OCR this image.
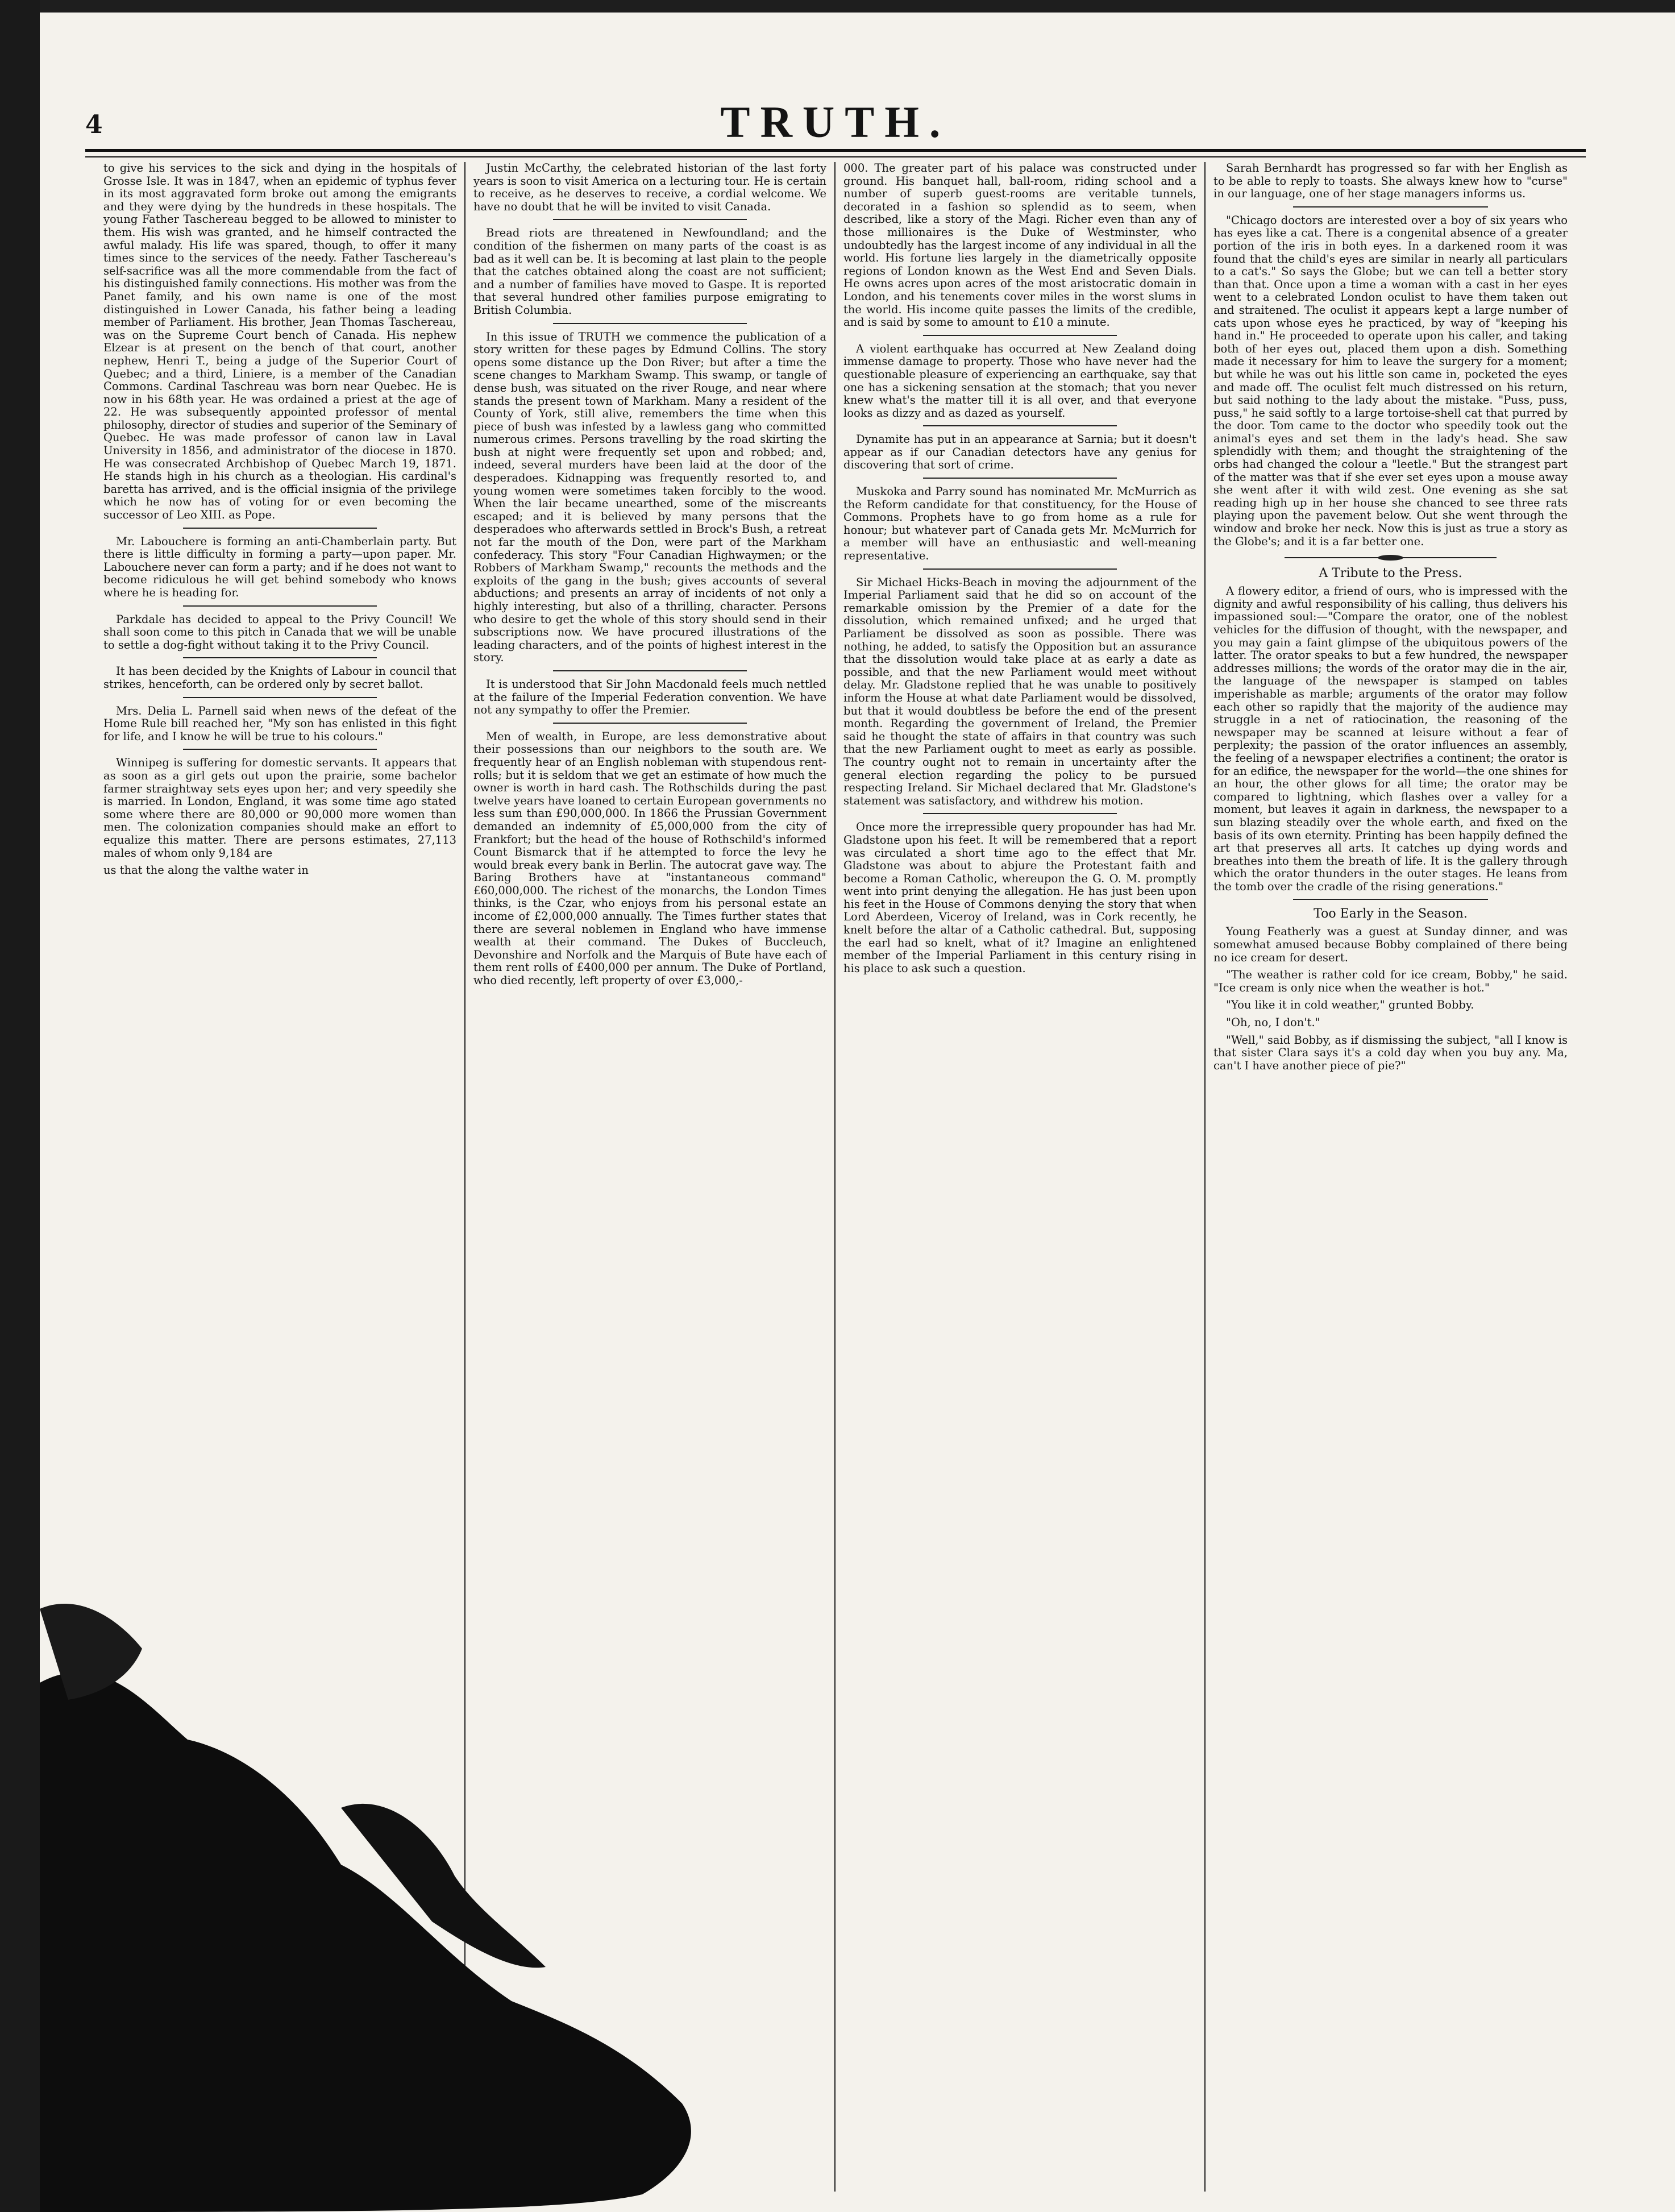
4	TRUTH.

to give his services to the sick and dying in the hospitals of Grosse Isle. It was in 1847, when an epidemic of typhus fever in its most aggravated form broke out among the emigrants and they were dying by the hundreds in these hospitals. The young Father Taschereau begged to be allowed to minister to them. His wish was granted, and he himself contracted the awful malady. His life was spared, though, to offer it many times since to the services of the needy. Father Taschereau's self-sacrifice was all the more commendable from the fact of his distinguished family connections. His mother was from the Panet family, and his own name is one of the most distinguished in Lower Canada, his father being a leading member of Parliament. His brother, Jean Thomas Taschereau, was on the Supreme Court bench of Canada. His nephew Elzear is at present on the bench of that court, another nephew, Henri T., being a judge of the Superior Court of Quebec; and a third, Liniere, is a member of the Canadian Commons. Cardinal Taschreau was born near Quebec. He is now in his 68th year. He was ordained a priest at the age of 22. He was subsequently appointed professor of mental philosophy, director of studies and superior of the Seminary of Quebec. He was made professor of canon law in Laval University in 1856, and administrator of the diocese in 1870. He was consecrated Archbishop of Quebec March 19, 1871. He stands high in his church as a theologian. His cardinal's baretta has arrived, and is the official insignia of the privilege which he now has of voting for or even becoming the successor of Leo XIII. as Pope.

Mr. Labouchere is forming an anti-Chamberlain party. But there is little difficulty in forming a party—upon paper. Mr. Labouchere never can form a party; and if he does not want to become ridiculous he will get behind somebody who knows where he is heading for.

Parkdale has decided to appeal to the Privy Council! We shall soon come to this pitch in Canada that we will be unable to settle a dog-fight without taking it to the Privy Council.

It has been decided by the Knights of Labour in council that strikes, henceforth, can be ordered only by secret ballot.

Mrs. Delia L. Parnell said when news of the defeat of the Home Rule bill reached her, "My son has enlisted in this fight for life, and I know he will be true to his colours."

Winnipeg is suffering for domestic servants. It appears that as soon as a girl gets out upon the prairie, some bachelor farmer straightway sets eyes upon her; and very speedily she is married. In London, England, it was some time ago stated some where there are 80,000 or 90,000 more women than men. The colonization companies should make an effort to equalize this matter. There are persons estimates, 27,113 males of whom only 9,184 are

us that the along the valthe water in

Justin McCarthy, the celebrated historian of the last forty years is soon to visit America on a lecturing tour. He is certain to receive, as he deserves to receive, a cordial welcome. We have no doubt that he will be invited to visit Canada.

Bread riots are threatened in Newfoundland; and the condition of the fishermen on many parts of the coast is as bad as it well can be. It is becoming at last plain to the people that the catches obtained along the coast are not sufficient; and a number of families have moved to Gaspe. It is reported that several hundred other families purpose emigrating to British Columbia.

In this issue of TRUTH we commence the publication of a story written for these pages by Edmund Collins. The story opens some distance up the Don River; but after a time the scene changes to Markham Swamp. This swamp, or tangle of dense bush, was situated on the river Rouge, and near where stands the present town of Markham. Many a resident of the County of York, still alive, remembers the time when this piece of bush was infested by a lawless gang who committed numerous crimes. Persons travelling by the road skirting the bush at night were frequently set upon and robbed; and, indeed, several murders have been laid at the door of the desperadoes. Kidnapping was frequently resorted to, and young women were sometimes taken forcibly to the wood. When the lair became unearthed, some of the miscreants escaped; and it is believed by many persons that the desperadoes who afterwards settled in Brock's Bush, a retreat not far the mouth of the Don, were part of the Markham confederacy. This story "Four Canadian Highwaymen; or the Robbers of Markham Swamp," recounts the methods and the exploits of the gang in the bush; gives accounts of several abductions; and presents an array of incidents of not only a highly interesting, but also of a thrilling, character. Persons who desire to get the whole of this story should send in their subscriptions now. We have procured illustrations of the leading characters, and of the points of highest interest in the story.

It is understood that Sir John Macdonald feels much nettled at the failure of the Imperial Federation convention. We have not any sympathy to offer the Premier.

Men of wealth, in Europe, are less demonstrative about their possessions than our neighbors to the south are. We frequently hear of an English nobleman with stupendous rent-rolls; but it is seldom that we get an estimate of how much the owner is worth in hard cash. The Rothschilds during the past twelve years have loaned to certain European governments no less sum than £90,000,000. In 1866 the Prussian Government demanded an indemnity of £5,000,000 from the city of Frankfort; but the head of the house of Rothschild's informed Count Bismarck that if he attempted to force the levy he would break every bank in Berlin. The autocrat gave way. The Baring Brothers have at "instantaneous command" £60,000,000. The richest of the monarchs, the London Times thinks, is the Czar, who enjoys from his personal estate an income of £2,000,000 annually. The Times further states that there are several noblemen in England who have immense wealth at their command. The Dukes of Buccleuch, Devonshire and Norfolk and the Marquis of Bute have each of them rent rolls of £400,000 per annum. The Duke of Portland, who died recently, left property of over £3,000,-

000. The greater part of his palace was constructed under ground. His banquet hall, ball-room, riding school and a number of superb guest-rooms are veritable tunnels, decorated in a fashion so splendid as to seem, when described, like a story of the Magi. Richer even than any of those millionaires is the Duke of Westminster, who undoubtedly has the largest income of any individual in all the world. His fortune lies largely in the diametrically opposite regions of London known as the West End and Seven Dials. He owns acres upon acres of the most aristocratic domain in London, and his tenements cover miles in the worst slums in the world. His income quite passes the limits of the credible, and is said by some to amount to £10 a minute.

A violent earthquake has occurred at New Zealand doing immense damage to property. Those who have never had the questionable pleasure of experiencing an earthquake, say that one has a sickening sensation at the stomach; that you never knew what's the matter till it is all over, and that everyone looks as dizzy and as dazed as yourself.

Dynamite has put in an appearance at Sarnia; but it doesn't appear as if our Canadian detectors have any genius for discovering that sort of crime.

Muskoka and Parry sound has nominated Mr. McMurrich as the Reform candidate for that constituency, for the House of Commons. Prophets have to go from home as a rule for honour; but whatever part of Canada gets Mr. McMurrich for a member will have an enthusiastic and well-meaning representative.

Sir Michael Hicks-Beach in moving the adjournment of the Imperial Parliament said that he did so on account of the remarkable omission by the Premier of a date for the dissolution, which remained unfixed; and he urged that Parliament be dissolved as soon as possible. There was nothing, he added, to satisfy the Opposition but an assurance that the dissolution would take place at as early a date as possible, and that the new Parliament would meet without delay. Mr. Gladstone replied that he was unable to positively inform the House at what date Parliament would be dissolved, but that it would doubtless be before the end of the present month. Regarding the government of Ireland, the Premier said he thought the state of affairs in that country was such that the new Parliament ought to meet as early as possible. The country ought not to remain in uncertainty after the general election regarding the policy to be pursued respecting Ireland. Sir Michael declared that Mr. Gladstone's statement was satisfactory, and withdrew his motion.

Once more the irrepressible query propounder has had Mr. Gladstone upon his feet. It will be remembered that a report was circulated a short time ago to the effect that Mr. Gladstone was about to abjure the Protestant faith and become a Roman Catholic, whereupon the G. O. M. promptly went into print denying the allegation. He has just been upon his feet in the House of Commons denying the story that when Lord Aberdeen, Viceroy of Ireland, was in Cork recently, he knelt before the altar of a Catholic cathedral. But, supposing the earl had so knelt, what of it? Imagine an enlightened member of the Imperial Parliament in this century rising in his place to ask such a question.

Sarah Bernhardt has progressed so far with her English as to be able to reply to toasts. She always knew how to "curse" in our language, one of her stage managers informs us.

"Chicago doctors are interested over a boy of six years who has eyes like a cat. There is a congenital absence of a greater portion of the iris in both eyes. In a darkened room it was found that the child's eyes are similar in nearly all particulars to a cat's." So says the Globe; but we can tell a better story than that. Once upon a time a woman with a cast in her eyes went to a celebrated London oculist to have them taken out and straitened. The oculist it appears kept a large number of cats upon whose eyes he practiced, by way of "keeping his hand in." He proceeded to operate upon his caller, and taking both of her eyes out, placed them upon a dish. Something made it necessary for him to leave the surgery for a moment; but while he was out his little son came in, pocketed the eyes and made off. The oculist felt much distressed on his return, but said nothing to the lady about the mistake. "Puss, puss, puss," he said softly to a large tortoise-shell cat that purred by the door. Tom came to the doctor who speedily took out the animal's eyes and set them in the lady's head. She saw splendidly with them; and thought the straightening of the orbs had changed the colour a "leetle." But the strangest part of the matter was that if she ever set eyes upon a mouse away she went after it with wild zest. One evening as she sat reading high up in her house she chanced to see three rats playing upon the pavement below. Out she went through the window and broke her neck. Now this is just as true a story as the Globe's; and it is a far better one.

A Tribute to the Press.

A flowery editor, a friend of ours, who is impressed with the dignity and awful responsibility of his calling, thus delivers his impassioned soul:—"Compare the orator, one of the noblest vehicles for the diffusion of thought, with the newspaper, and you may gain a faint glimpse of the ubiquitous powers of the latter. The orator speaks to but a few hundred, the newspaper addresses millions; the words of the orator may die in the air, the language of the newspaper is stamped on tables imperishable as marble; arguments of the orator may follow each other so rapidly that the majority of the audience may struggle in a net of ratiocination, the reasoning of the newspaper may be scanned at leisure without a fear of perplexity; the passion of the orator influences an assembly, the feeling of a newspaper electrifies a continent; the orator is for an edifice, the newspaper for the world—the one shines for an hour, the other glows for all time; the orator may be compared to lightning, which flashes over a valley for a moment, but leaves it again in darkness, the newspaper to a sun blazing steadily over the whole earth, and fixed on the basis of its own eternity. Printing has been happily defined the art that preserves all arts. It catches up dying words and breathes into them the breath of life. It is the gallery through which the orator thunders in the outer stages. He leans from the tomb over the cradle of the rising generations."

Too Early in the Season.

Young Featherly was a guest at Sunday dinner, and was somewhat amused because Bobby complained of there being no ice cream for desert.

"The weather is rather cold for ice cream, Bobby," he said. "Ice cream is only nice when the weather is hot."

"You like it in cold weather," grunted Bobby.

"Oh, no, I don't."

"Well," said Bobby, as if dismissing the subject, "all I know is that sister Clara says it's a cold day when you buy any. Ma, can't I have another piece of pie?"
